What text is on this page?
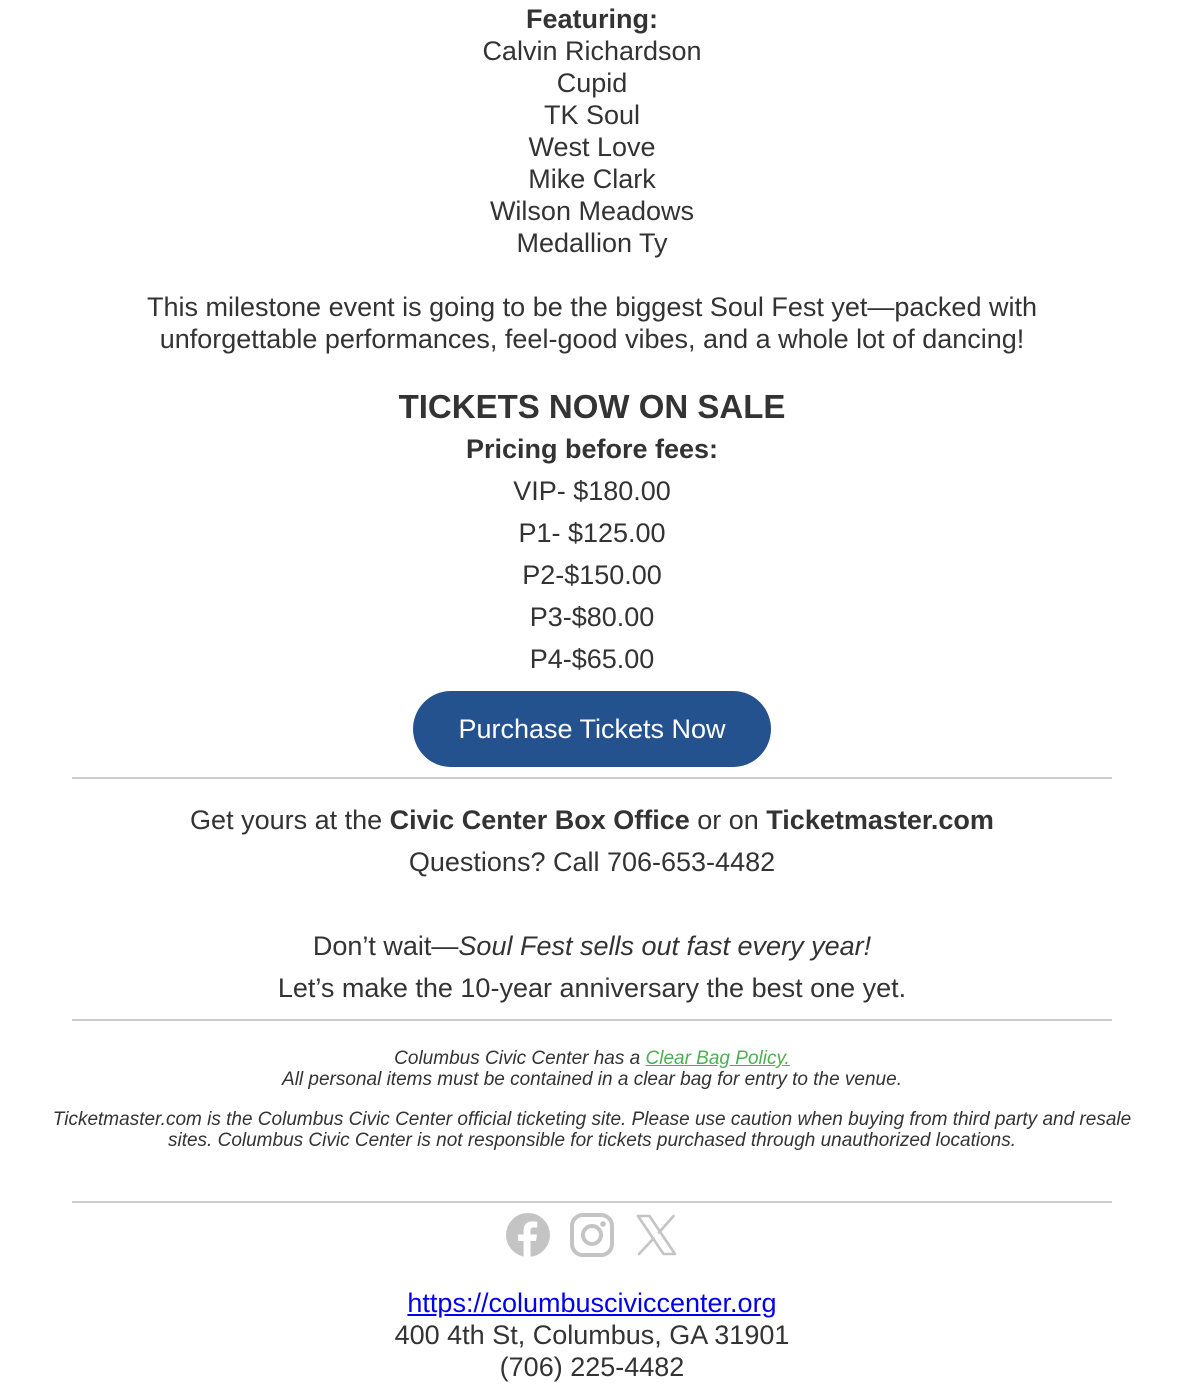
Featuring:
Calvin Richardson
Cupid
TK Soul
West Love
Mike Clark
Wilson Meadows
Medallion Ty
This milestone event is going to be the biggest Soul Fest yet—packed with unforgettable performances, feel-good vibes, and a whole lot of dancing!
TICKETS NOW ON SALE
Pricing before fees:
VIP- $180.00
P1- $125.00
P2-$150.00
P3-$80.00
P4-$65.00
Purchase Tickets Now
Get yours at the Civic Center Box Office or on Ticketmaster.com
Questions? Call 706-653-4482
Don’t wait—Soul Fest sells out fast every year!
Let’s make the 10-year anniversary the best one yet.
Columbus Civic Center has a Clear Bag Policy.
All personal items must be contained in a clear bag for entry to the venue.
Ticketmaster.com is the Columbus Civic Center official ticketing site. Please use caution when buying from third party and resale sites. Columbus Civic Center is not responsible for tickets purchased through unauthorized locations.
https://columbusciviccenter.org
400 4th St, Columbus, GA 31901
(706) 225-4482
